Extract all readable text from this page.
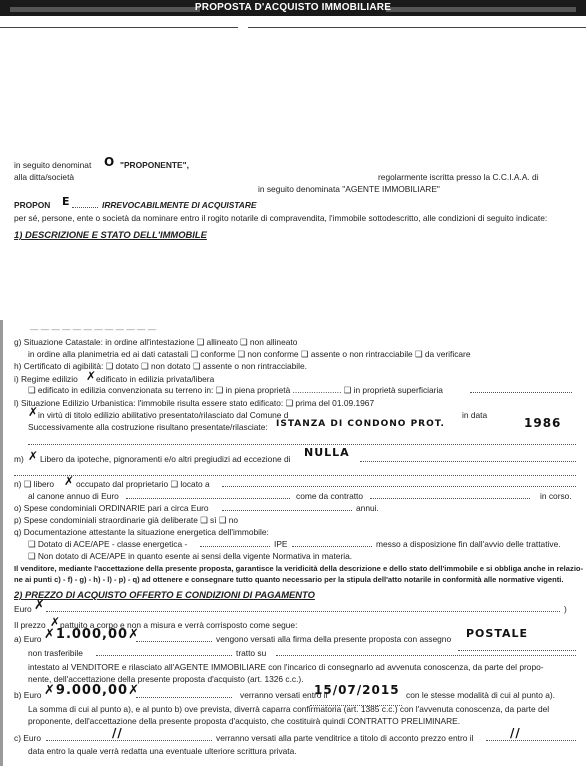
PROPOSTA D'ACQUISTO IMMOBILIARE
in seguito denominat O "PROPONENTE",
alla ditta/società	regolarmente iscritta presso la C.C.I.A.A. di
in seguito denominata "AGENTE IMMOBILIARE"
PROPON E	IRREVOCABILMENTE DI ACQUISTARE
per sé, persone, ente o società da nominare entro il rogito notarile di compravendita, l'immobile sottodescritto, alle condizioni di seguito indicate:
1) DESCRIZIONE E STATO DELL'IMMOBILE
— — — — — — — — — — — —
g) Situazione Catastale: in ordine all'intestazione ❑ allineato ❑ non allineato
in ordine alla planimetria ed ai dati catastali ❑ conforme ❑ non conforme ❑ assente o non rintracciabile ❑ da verificare
h) Certificato di agibilità: ❑ dotato ❑ non dotato ❑ assente o non rintracciabile.
i) Regime edilizio ✗
edificato in edilizia privata/libera
❑ edificato in edilizia convenzionata su terreno in: ❑ in piena proprietà ..................... ❑ in proprietà superficiaria
l) Situazione Edilizio Urbanistica: l'immobile risulta essere stato edificato: ❑ prima del 01.09.1967
✗
in virtù di titolo edilizio abilitativo presentato/rilasciato dal Comune d	in data
Successivamente alla costruzione risultano presentate/rilasciate: ISTANZA DI CONDONO PROT.	1986
m) ✗ Libero da ipoteche, pignoramenti e/o altri pregiudizi ad eccezione di NULLA
n) ❑ libero ✗ occupato dal proprietario ❑ locato a
al canone annuo di Euro	come da contratto	in corso.
o) Spese condominiali ORDINARIE pari a circa Euro	annui.
p) Spese condominiali straordinarie già deliberate ❑ sì ❑ no
q) Documentazione attestante la situazione energetica dell'immobile:
❑ Dotato di ACE/APE - classe energetica -	IPE	messo a disposizione fin dall'avvio delle trattative.
❑ Non dotato di ACE/APE in quanto esente ai sensi della vigente Normativa in materia.
Il venditore, mediante l'accettazione della presente proposta, garantisce la veridicità della descrizione e dello stato dell'immobile e si obbliga anche in relazio-
ne ai punti c) - f) - g) - h) - l) - p) - q) ad ottenere e consegnare tutto quanto necessario per la stipula dell'atto notarile in conformità alle normative vigenti.
2) PREZZO DI ACQUISTO OFFERTO E CONDIZIONI DI PAGAMENTO
Euro ✗	)
Il prezzo ✗
pattuito a corpo e non a misura e verrà corrisposto come segue:
a) Euro ✗1.000,00✗	vengono versati alla firma della presente proposta con assegno POSTALE
non trasferibile	tratto su
intestato al VENDITORE e rilasciato all'AGENTE IMMOBILIARE con l'incarico di consegnarlo ad avvenuta conoscenza, da parte del propo-
nente, dell'accettazione della presente proposta d'acquisto (art. 1326 c.c.).
b) Euro ✗9.000,00✗	verranno versati entro il
15/07/2015 con le stesse modalità di cui al punto a).
La somma di cui al punto a), e al punto b) ove prevista, diverrà caparra confirmatoria (art. 1385 c.c.) con l'avvenuta conoscenza, da parte del
proponente, dell'accettazione della presente proposta d'acquisto, che costituirà quindi CONTRATTO PRELIMINARE.
c) Euro	//	verranno versati alla parte venditrice a titolo di acconto prezzo entro il	//
data entro la quale verrà redatta una eventuale ulteriore scrittura privata.
